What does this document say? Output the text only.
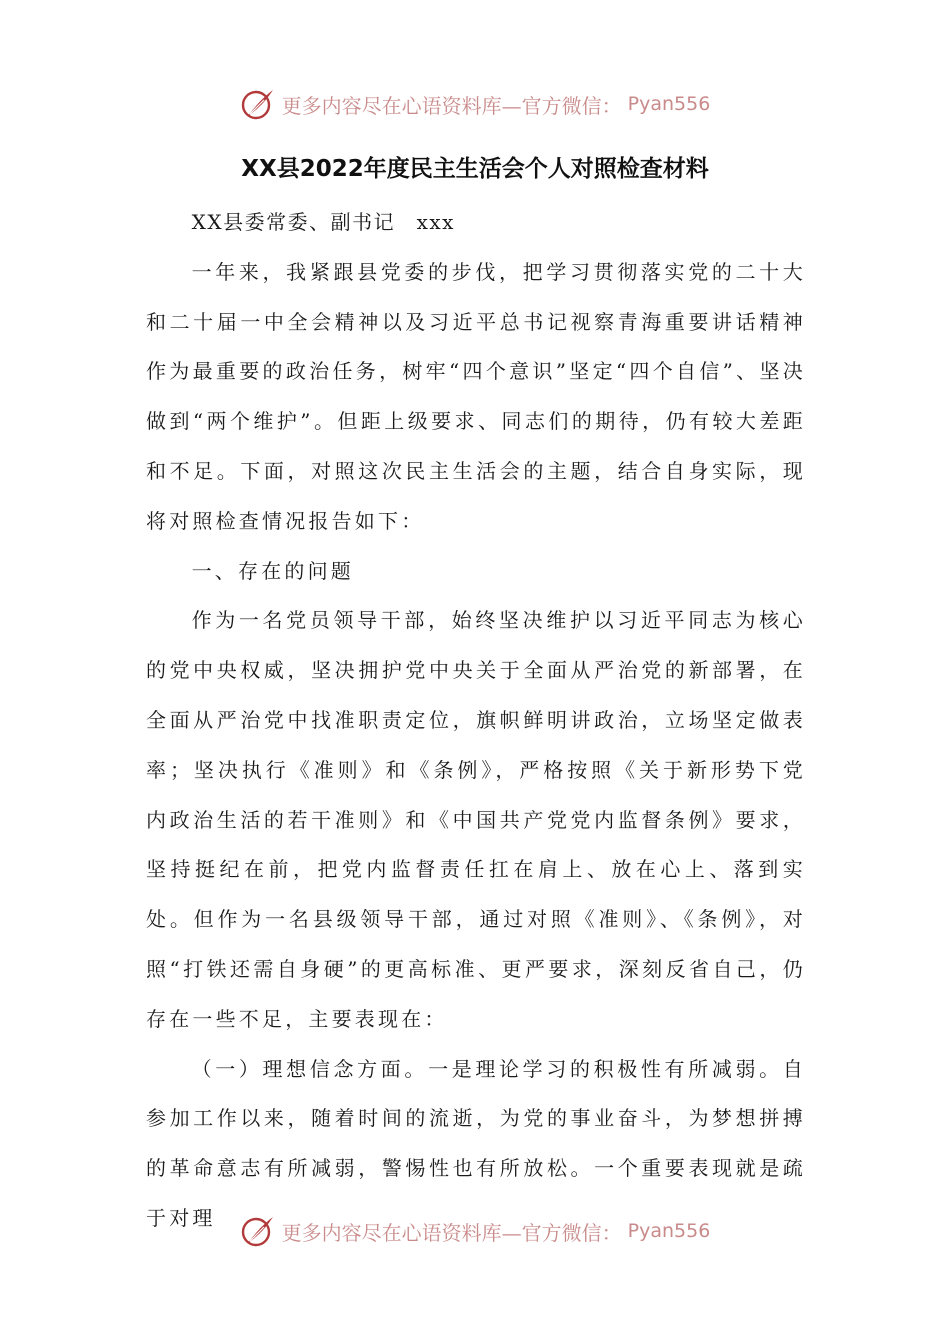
更多内容尽在心语资料库—官方微信： Pyan556
XX县2022年度民主生活会个人对照检查材料

XX县委常委、副书记　xxx

一年来，我紧跟县党委的步伐，把学习贯彻落实党的二十大和二十届一中全会精神以及习近平总书记视察青海重要讲话精神作为最重要的政治任务，树牢“四个意识”坚定“四个自信”、坚决做到“两个维护”。但距上级要求、同志们的期待，仍有较大差距和不足。下面，对照这次民主生活会的主题，结合自身实际，现将对照检查情况报告如下：

一、存在的问题

作为一名党员领导干部，始终坚决维护以习近平同志为核心的党中央权威，坚决拥护党中央关于全面从严治党的新部署，在全面从严治党中找准职责定位，旗帜鲜明讲政治，立场坚定做表率；坚决执行《准则》和《条例》，严格按照《关于新形势下党内政治生活的若干准则》和《中国共产党党内监督条例》要求，坚持挺纪在前，把党内监督责任扛在肩上、放在心上、落到实处。但作为一名县级领导干部，通过对照《准则》、《条例》，对照“打铁还需自身硬”的更高标准、更严要求，深刻反省自己，仍存在一些不足，主要表现在：

（一）理想信念方面。一是理论学习的积极性有所减弱。自参加工作以来，随着时间的流逝，为党的事业奋斗，为梦想拼搏的革命意志有所减弱，警惕性也有所放松。一个重要表现就是疏于对理

更多内容尽在心语资料库—官方微信： Pyan556
